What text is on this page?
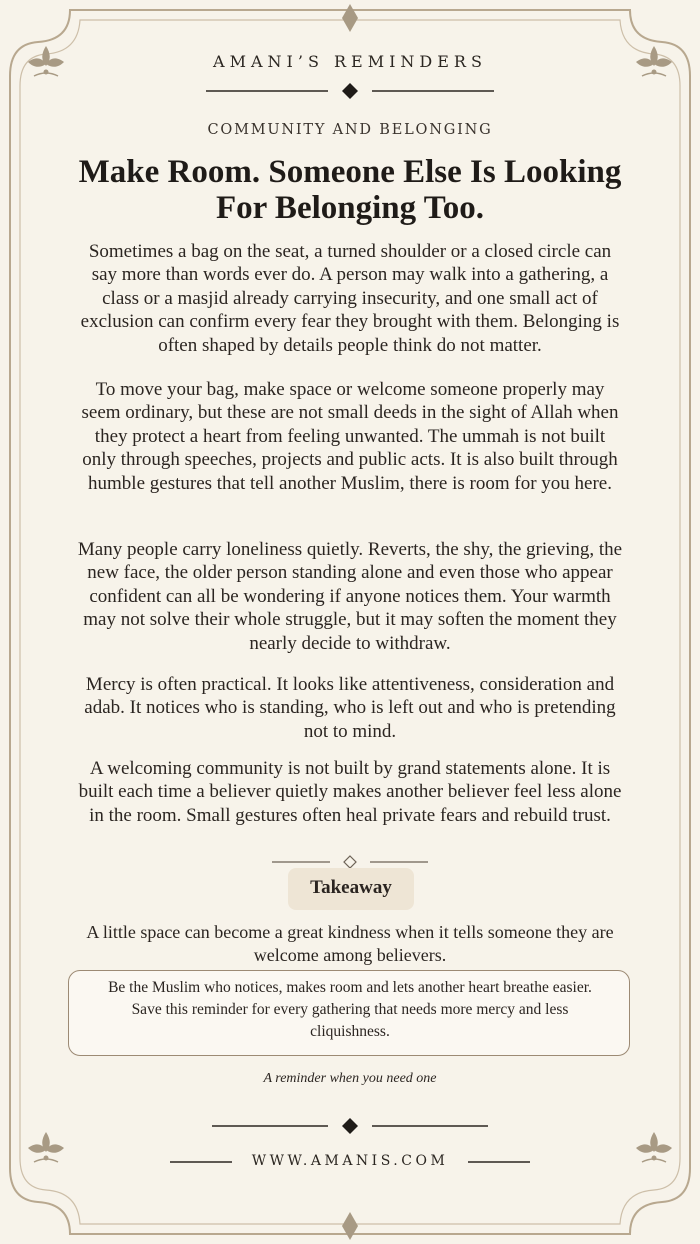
AMANI’S REMINDERS
COMMUNITY AND BELONGING
Make Room. Someone Else Is Looking For Belonging Too.
Sometimes a bag on the seat, a turned shoulder or a closed circle can say more than words ever do. A person may walk into a gathering, a class or a masjid already carrying insecurity, and one small act of exclusion can confirm every fear they brought with them. Belonging is often shaped by details people think do not matter.
To move your bag, make space or welcome someone properly may seem ordinary, but these are not small deeds in the sight of Allah when they protect a heart from feeling unwanted. The ummah is not built only through speeches, projects and public acts. It is also built through humble gestures that tell another Muslim, there is room for you here.
Many people carry loneliness quietly. Reverts, the shy, the grieving, the new face, the older person standing alone and even those who appear confident can all be wondering if anyone notices them. Your warmth may not solve their whole struggle, but it may soften the moment they nearly decide to withdraw.
Mercy is often practical. It looks like attentiveness, consideration and adab. It notices who is standing, who is left out and who is pretending not to mind.
A welcoming community is not built by grand statements alone. It is built each time a believer quietly makes another believer feel less alone in the room. Small gestures often heal private fears and rebuild trust.
Takeaway
A little space can become a great kindness when it tells someone they are welcome among believers.
Be the Muslim who notices, makes room and lets another heart breathe easier. Save this reminder for every gathering that needs more mercy and less cliquishness.
A reminder when you need one
WWW.AMANIS.COM
